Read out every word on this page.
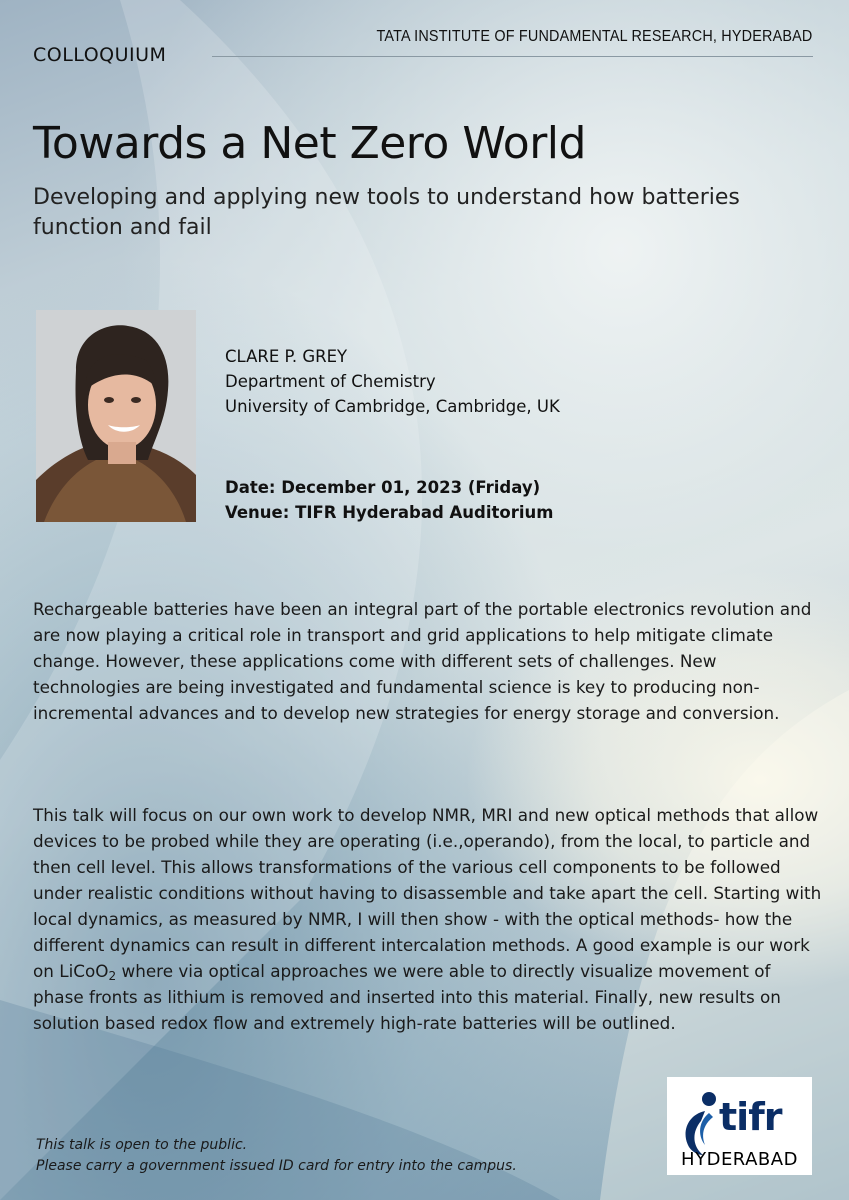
COLLOQUIUM
TATA INSTITUTE OF FUNDAMENTAL RESEARCH, HYDERABAD
Towards a Net Zero World
Developing and applying new tools to understand how batteries function and fail
CLARE P. GREY
Department of Chemistry
University of Cambridge, Cambridge, UK
Date: December 01, 2023 (Friday)
Venue: TIFR Hyderabad Auditorium

Rechargeable batteries have been an integral part of the portable electronics revolution and are now playing a critical role in transport and grid applications to help mitigate climate change. However, these applications come with different sets of challenges. New technologies are being investigated and fundamental science is key to producing non-incremental advances and to develop new strategies for energy storage and conversion.

This talk will focus on our own work to develop NMR, MRI and new optical methods that allow devices to be probed while they are operating (i.e.,operando), from the local, to particle and then cell level. This allows transformations of the various cell components to be followed under realistic conditions without having to disassemble and take apart the cell. Starting with local dynamics, as measured by NMR, I will then show - with the optical methods- how the different dynamics can result in different intercalation methods. A good example is our work on LiCoO$_2$ where via optical approaches we were able to directly visualize movement of phase fronts as lithium is removed and inserted into this material. Finally, new results on solution based redox flow and extremely high-rate batteries will be outlined.

This talk is open to the public.
Please carry a government issued ID card for entry into the campus.
tifr
HYDERABAD
